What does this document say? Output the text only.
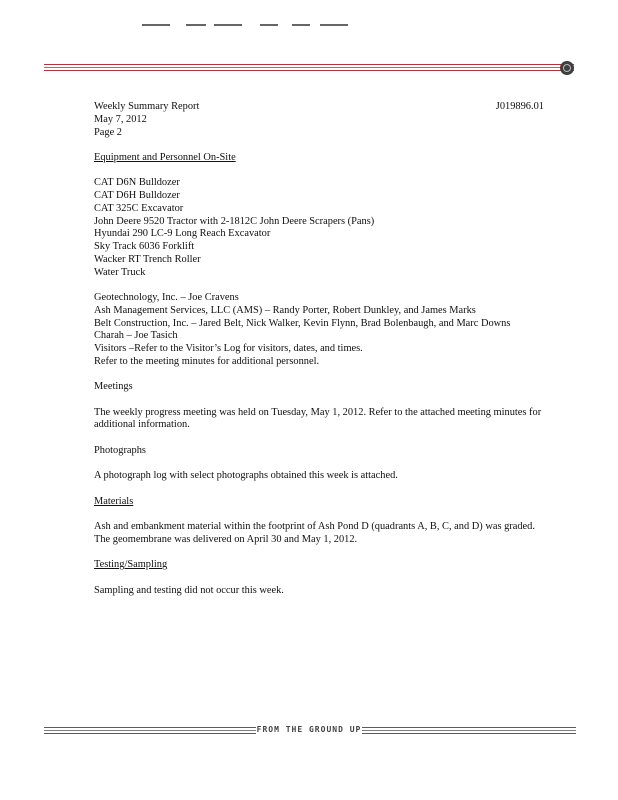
Weekly Summary Report	J019896.01
May 7, 2012
Page 2
Equipment and Personnel On-Site
CAT D6N Bulldozer
CAT D6H Bulldozer
CAT 325C Excavator
John Deere 9520 Tractor with 2-1812C John Deere Scrapers (Pans)
Hyundai 290 LC-9 Long Reach Excavator
Sky Track 6036 Forklift
Wacker RT Trench Roller
Water Truck
Geotechnology, Inc. – Joe Cravens
Ash Management Services, LLC (AMS) – Randy Porter, Robert Dunkley, and James Marks
Belt Construction, Inc. – Jared Belt, Nick Walker, Kevin Flynn, Brad Bolenbaugh, and Marc Downs
Charah – Joe Tasich
Visitors –Refer to the Visitor’s Log for visitors, dates, and times.
Refer to the meeting minutes for additional personnel.
Meetings
The weekly progress meeting was held on Tuesday, May 1, 2012. Refer to the attached meeting minutes for additional information.
Photographs
A photograph log with select photographs obtained this week is attached.
Materials
Ash and embankment material within the footprint of Ash Pond D (quadrants A, B, C, and D) was graded. The geomembrane was delivered on April 30 and May 1, 2012.
Testing/Sampling
Sampling and testing did not occur this week.
FROM THE GROUND UP
